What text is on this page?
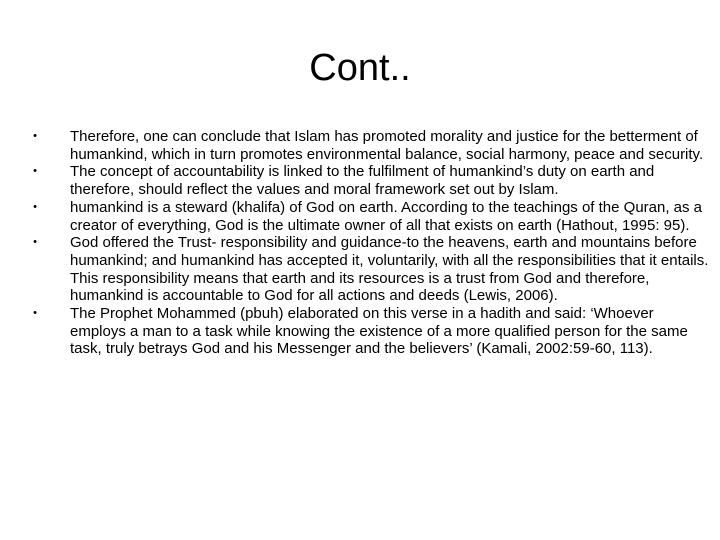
Cont..
• Therefore, one can conclude that Islam has promoted morality and justice for the betterment of humankind, which in turn promotes environmental balance, social harmony, peace and security.
• The concept of accountability is linked to the fulfilment of humankind’s duty on earth and therefore, should reflect the values and moral framework set out by Islam.
• humankind is a steward (khalifa) of God on earth. According to the teachings of the Quran, as a creator of everything, God is the ultimate owner of all that exists on earth (Hathout, 1995: 95).
• God offered the Trust- responsibility and guidance-to the heavens, earth and mountains before humankind; and humankind has accepted it, voluntarily, with all the responsibilities that it entails. This responsibility means that earth and its resources is a trust from God and therefore, humankind is accountable to God for all actions and deeds (Lewis, 2006).
• The Prophet Mohammed (pbuh) elaborated on this verse in a hadith and said: ‘Whoever employs a man to a task while knowing the existence of a more qualified person for the same task, truly betrays God and his Messenger and the believers’ (Kamali, 2002:59-60, 113).
